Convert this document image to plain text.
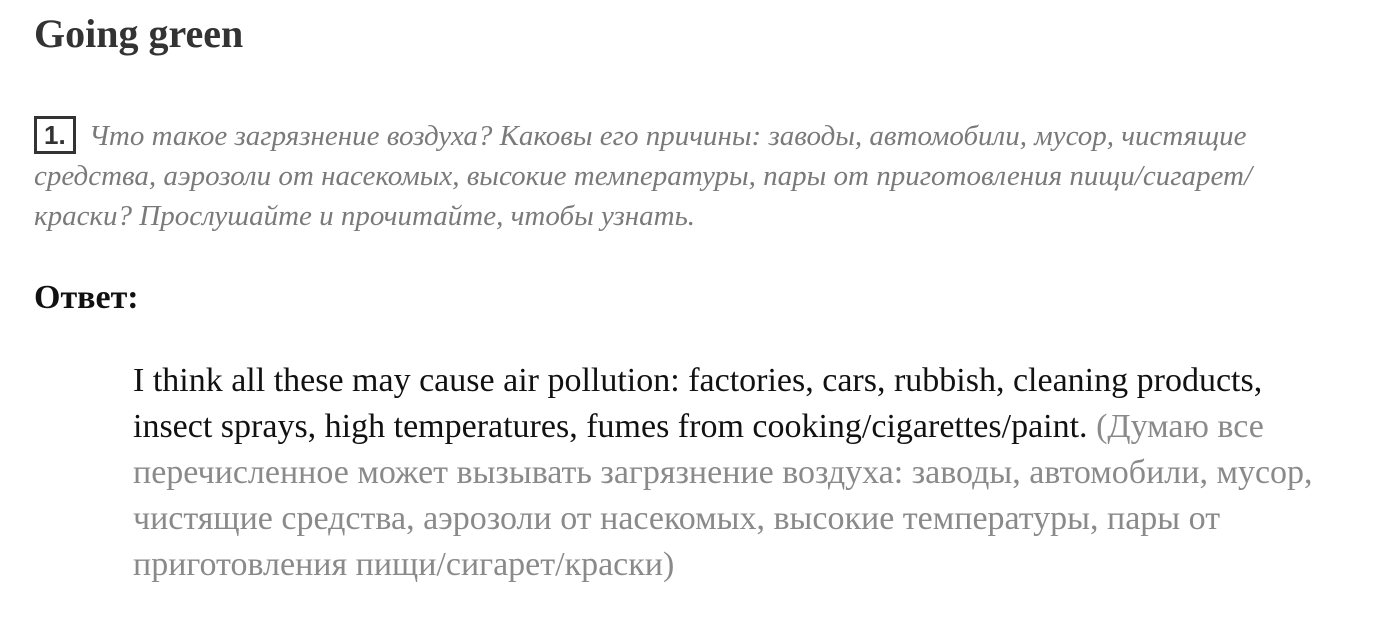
Going green
1. Что такое загрязнение воздуха? Каковы его причины: заводы, автомобили, мусор, чистящие средства, аэрозоли от насекомых, высокие температуры, пары от приготовления пищи/сигарет/краски? Прослушайте и прочитайте, чтобы узнать.
Ответ:
I think all these may cause air pollution: factories, cars, rubbish, cleaning products, insect sprays, high temperatures, fumes from cooking/cigarettes/paint. (Думаю все перечисленное может вызывать загрязнение воздуха: заводы, автомобили, мусор, чистящие средства, аэрозоли от насекомых, высокие температуры, пары от приготовления пищи/сигарет/краски)
